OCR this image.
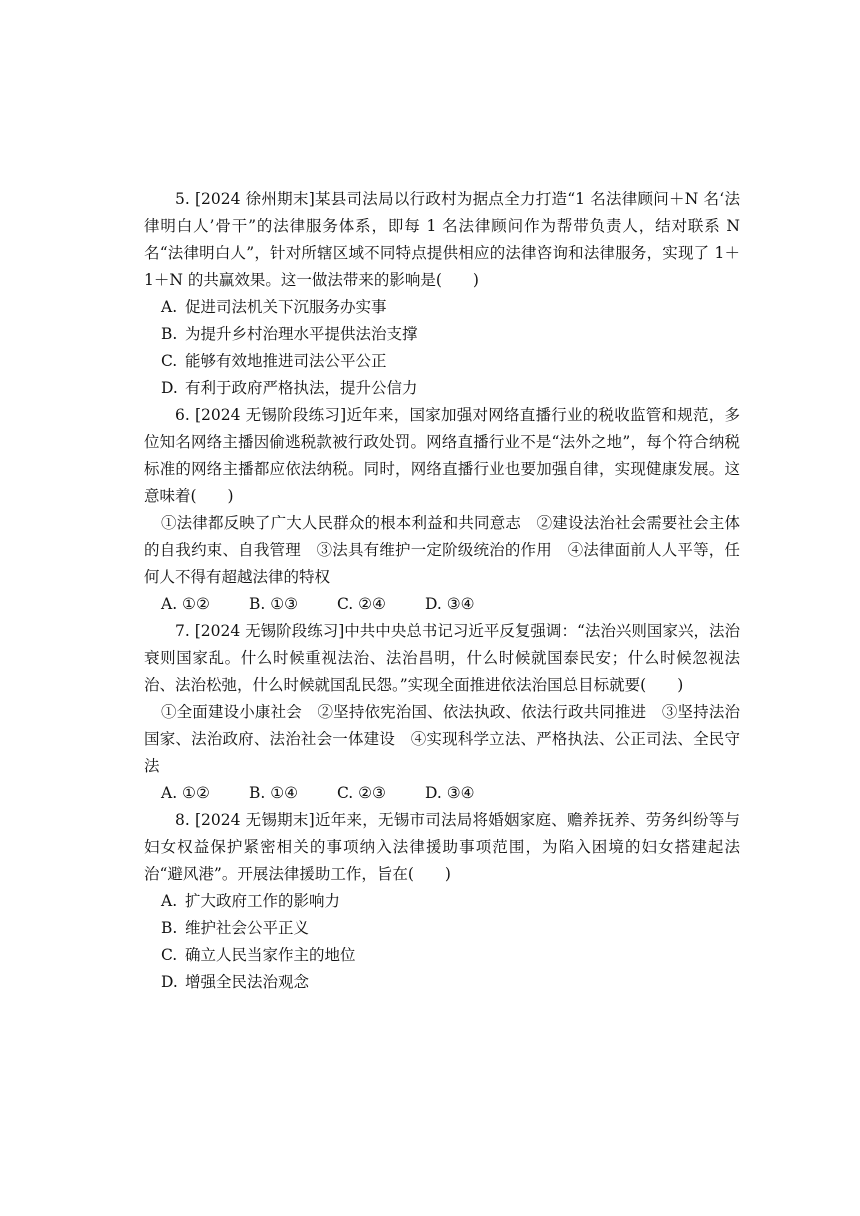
5. [2024 徐州期末]某县司法局以行政村为据点全力打造“1 名法律顾问＋N 名‘法律明白人’骨干”的法律服务体系，即每 1 名法律顾问作为帮带负责人，结对联系 N 名“法律明白人”，针对所辖区域不同特点提供相应的法律咨询和法律服务，实现了 1＋1＋N 的共赢效果。这一做法带来的影响是(　　)

A. 促进司法机关下沉服务办实事

B. 为提升乡村治理水平提供法治支撑

C. 能够有效地推进司法公平公正

D. 有利于政府严格执法，提升公信力

6. [2024 无锡阶段练习]近年来，国家加强对网络直播行业的税收监管和规范，多位知名网络主播因偷逃税款被行政处罚。网络直播行业不是“法外之地”，每个符合纳税标准的网络主播都应依法纳税。同时，网络直播行业也要加强自律，实现健康发展。这意味着(　　)

①法律都反映了广大人民群众的根本利益和共同意志　②建设法治社会需要社会主体的自我约束、自我管理　③法具有维护一定阶级统治的作用　④法律面前人人平等，任何人不得有超越法律的特权

A. ①②	B. ①③	C. ②④	D. ③④

7. [2024 无锡阶段练习]中共中央总书记习近平反复强调：“法治兴则国家兴，法治衰则国家乱。什么时候重视法治、法治昌明，什么时候就国泰民安；什么时候忽视法治、法治松弛，什么时候就国乱民怨。”实现全面推进依法治国总目标就要(　　)

①全面建设小康社会　②坚持依宪治国、依法执政、依法行政共同推进　③坚持法治国家、法治政府、法治社会一体建设　④实现科学立法、严格执法、公正司法、全民守法

A. ①②	B. ①④	C. ②③	D. ③④

8. [2024 无锡期末]近年来，无锡市司法局将婚姻家庭、赡养抚养、劳务纠纷等与妇女权益保护紧密相关的事项纳入法律援助事项范围，为陷入困境的妇女搭建起法治“避风港”。开展法律援助工作，旨在(　　)

A. 扩大政府工作的影响力

B. 维护社会公平正义

C. 确立人民当家作主的地位

D. 增强全民法治观念
